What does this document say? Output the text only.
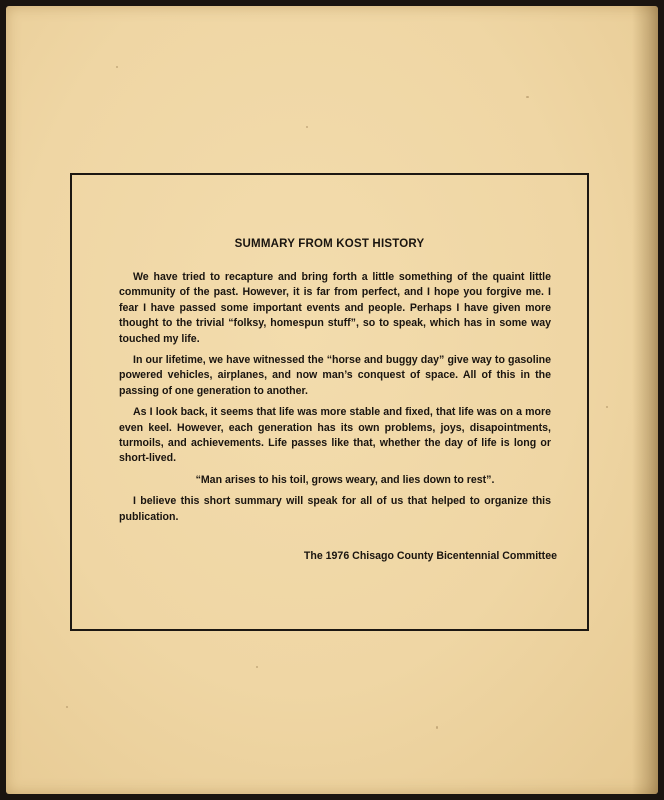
SUMMARY FROM KOST HISTORY

We have tried to recapture and bring forth a little something of the quaint little community of the past. However, it is far from perfect, and I hope you forgive me. I fear I have passed some important events and people. Perhaps I have given more thought to the trivial “folksy, homespun stuff”, so to speak, which has in some way touched my life.

In our lifetime, we have witnessed the “horse and buggy day” give way to gasoline powered vehicles, airplanes, and now man’s conquest of space. All of this in the passing of one generation to another.

As I look back, it seems that life was more stable and fixed, that life was on a more even keel. However, each generation has its own problems, joys, disapointments, turmoils, and achievements. Life passes like that, whether the day of life is long or short-lived.

“Man arises to his toil, grows weary, and lies down to rest”.

I believe this short summary will speak for all of us that helped to organize this publication.

The 1976 Chisago County Bicentennial Committee
